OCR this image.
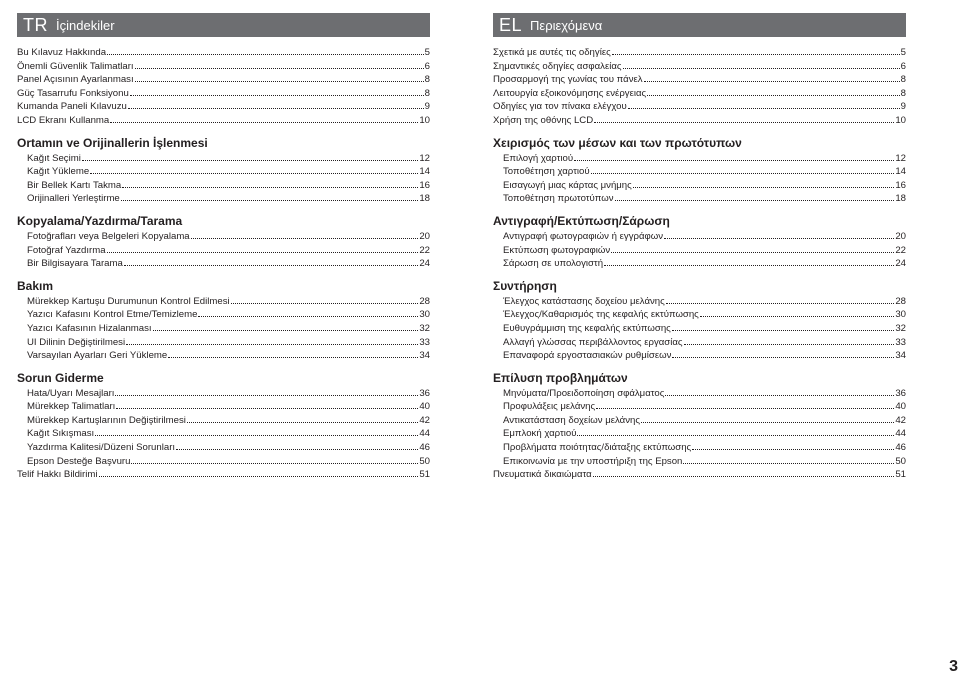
TR İçindekiler
Bu Kılavuz Hakkında	5
Önemli Güvenlik Talimatları	6
Panel Açısının Ayarlanması	8
Güç Tasarrufu Fonksiyonu	8
Kumanda Paneli Kılavuzu	9
LCD Ekranı Kullanma	10
Ortamın ve Orijinallerin İşlenmesi
Kağıt Seçimi	12
Kağıt Yükleme	14
Bir Bellek Kartı Takma	16
Orijinalleri Yerleştirme	18
Kopyalama/Yazdırma/Tarama
Fotoğrafları veya Belgeleri Kopyalama	20
Fotoğraf Yazdırma	22
Bir Bilgisayara Tarama	24
Bakım
Mürekkep Kartuşu Durumunun Kontrol Edilmesi	28
Yazıcı Kafasını Kontrol Etme/Temizleme	30
Yazıcı Kafasının Hizalanması	32
UI Dilinin Değiştirilmesi	33
Varsayılan Ayarları Geri Yükleme	34
Sorun Giderme
Hata/Uyarı Mesajları	36
Mürekkep Talimatları	40
Mürekkep Kartuşlarının Değiştirilmesi	42
Kağıt Sıkışması	44
Yazdırma Kalitesi/Düzeni Sorunları	46
Epson Desteğe Başvuru	50
Telif Hakkı Bildirimi	51
EL Περιεχόμενα
Σχετικά με αυτές τις οδηγίες	5
Σημαντικές οδηγίες ασφαλείας	6
Προσαρμογή της γωνίας του πάνελ	8
Λειτουργία εξοικονόμησης ενέργειας	8
Οδηγίες για τον πίνακα ελέγχου	9
Χρήση της οθόνης LCD	10
Χειρισμός των μέσων και των πρωτότυπων
Επιλογή χαρτιού	12
Τοποθέτηση χαρτιού	14
Εισαγωγή μιας κάρτας μνήμης	16
Τοποθέτηση πρωτοτύπων	18
Αντιγραφή/Εκτύπωση/Σάρωση
Αντιγραφή φωτογραφιών ή εγγράφων	20
Εκτύπωση φωτογραφιών	22
Σάρωση σε υπολογιστή	24
Συντήρηση
Έλεγχος κατάστασης δοχείου μελάνης	28
Έλεγχος/Καθαρισμός της κεφαλής εκτύπωσης	30
Ευθυγράμμιση της κεφαλής εκτύπωσης	32
Αλλαγή γλώσσας περιβάλλοντος εργασίας	33
Επαναφορά εργοστασιακών ρυθμίσεων	34
Επίλυση προβλημάτων
Μηνύματα/Προειδοποίηση σφάλματος	36
Προφυλάξεις μελάνης	40
Αντικατάσταση δοχείων μελάνης	42
Εμπλοκή χαρτιού	44
Προβλήματα ποιότητας/διάταξης εκτύπωσης	46
Επικοινωνία με την υποστήριξη της Epson	50
Πνευματικά δικαιώματα	51
3
